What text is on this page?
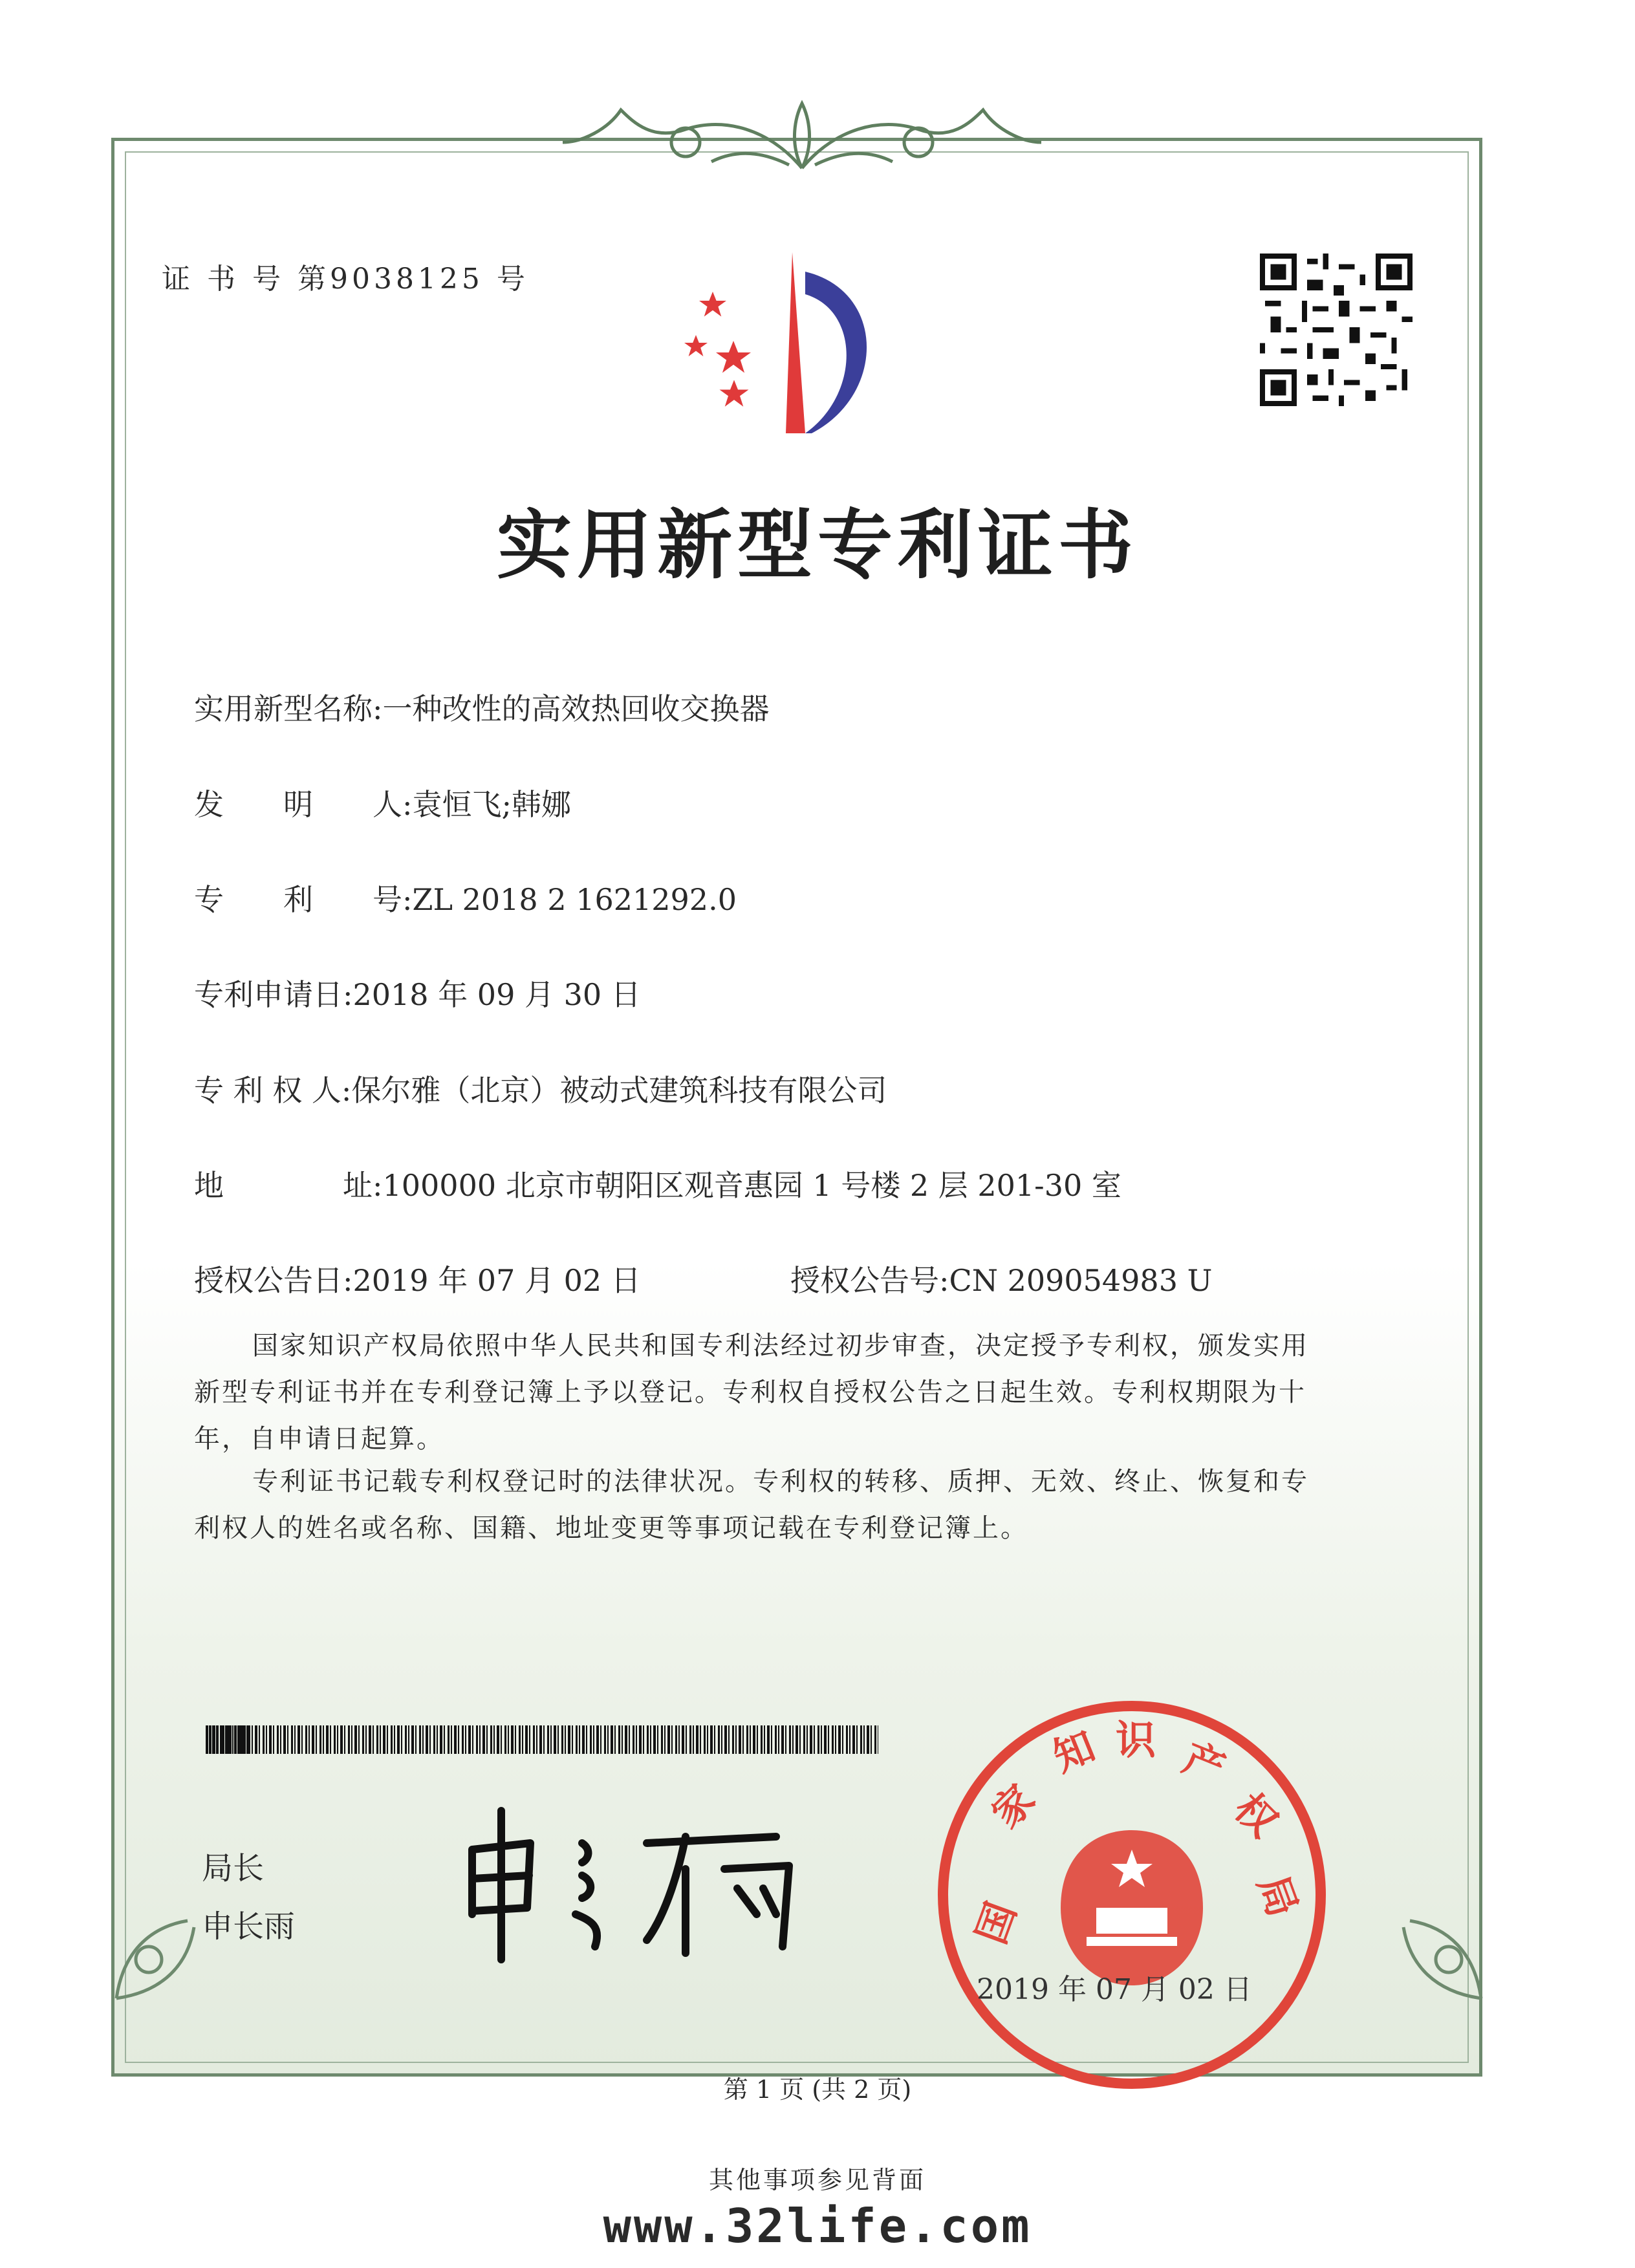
证 书 号 第9038125 号
实用新型专利证书
实用新型名称:一种改性的高效热回收交换器
发　　明　　人:袁恒飞;韩娜
专　　利　　号:ZL 2018 2 1621292.0
专利申请日:2018 年 09 月 30 日
专 利 权 人:保尔雅（北京）被动式建筑科技有限公司
地　　　　址:100000 北京市朝阳区观音惠园 1 号楼 2 层 201-30 室
授权公告日:2019 年 07 月 02 日	授权公告号:CN 209054983 U
国家知识产权局依照中华人民共和国专利法经过初步审查，决定授予专利权，颁发实用
新型专利证书并在专利登记簿上予以登记。专利权自授权公告之日起生效。专利权期限为十
年，自申请日起算。
专利证书记载专利权登记时的法律状况。专利权的转移、质押、无效、终止、恢复和专
利权人的姓名或名称、国籍、地址变更等事项记载在专利登记簿上。
局长
申长雨	国
家
知 识 产
权
局
2019 年 07 月 02 日
第 1 页 (共 2 页)
其他事项参见背面
www.32life.com
